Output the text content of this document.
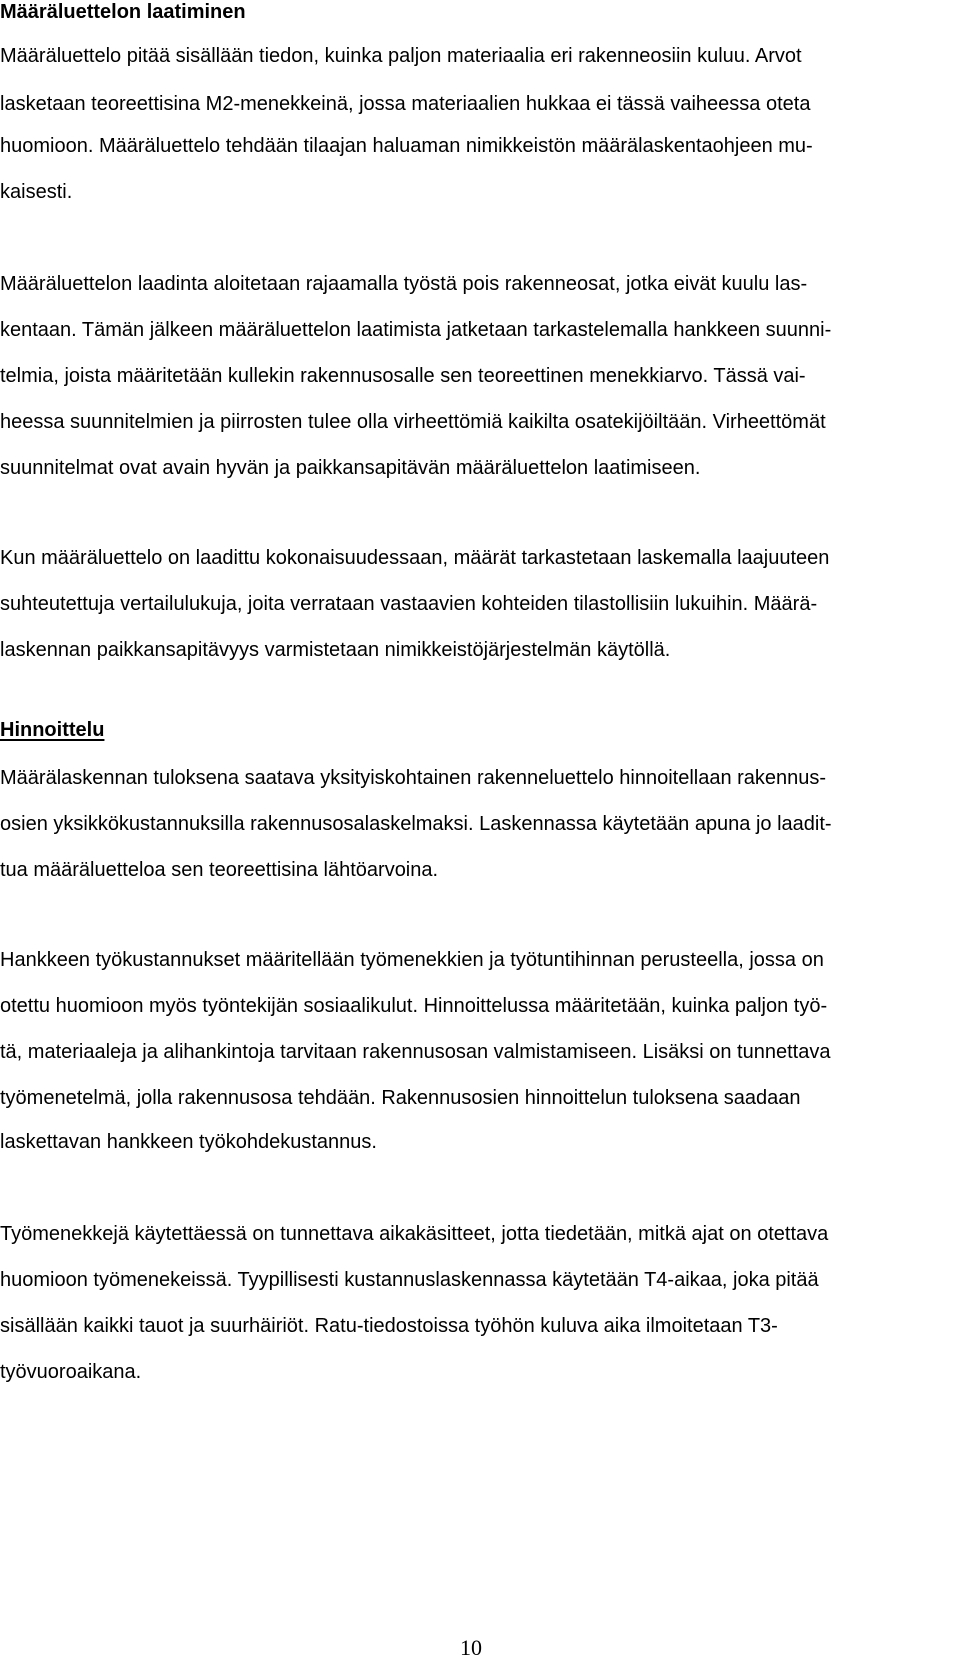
Määräluettelon laatiminen
Määräluettelo pitää sisällään tiedon, kuinka paljon materiaalia eri rakenneosiin kuluu. Arvot
lasketaan teoreettisina M2-menekkeinä, jossa materiaalien hukkaa ei tässä vaiheessa oteta
huomioon. Määräluettelo tehdään tilaajan haluaman nimikkeistön määrälaskentaohjeen mu-
kaisesti.
Määräluettelon laadinta aloitetaan rajaamalla työstä pois rakenneosat, jotka eivät kuulu las-
kentaan. Tämän jälkeen määräluettelon laatimista jatketaan tarkastelemalla hankkeen suunni-
telmia, joista määritetään kullekin rakennusosalle sen teoreettinen menekkiarvo. Tässä vai-
heessa suunnitelmien ja piirrosten tulee olla virheettömiä kaikilta osatekijöiltään. Virheettömät
suunnitelmat ovat avain hyvän ja paikkansapitävän määräluettelon laatimiseen.
Kun määräluettelo on laadittu kokonaisuudessaan, määrät tarkastetaan laskemalla laajuuteen
suhteutettuja vertailulukuja, joita verrataan vastaavien kohteiden tilastollisiin lukuihin. Määrä-
laskennan paikkansapitävyys varmistetaan nimikkeistöjärjestelmän käytöllä.
Hinnoittelu
Määrälaskennan tuloksena saatava yksityiskohtainen rakenneluettelo hinnoitellaan rakennus-
osien yksikkökustannuksilla rakennusosalaskelmaksi. Laskennassa käytetään apuna jo laadit-
tua määräluetteloa sen teoreettisina lähtöarvoina.
Hankkeen työkustannukset määritellään työmenekkien ja työtuntihinnan perusteella, jossa on
otettu huomioon myös työntekijän sosiaalikulut. Hinnoittelussa määritetään, kuinka paljon työ-
tä, materiaaleja ja alihankintoja tarvitaan rakennusosan valmistamiseen. Lisäksi on tunnettava
työmenetelmä, jolla rakennusosa tehdään. Rakennusosien hinnoittelun tuloksena saadaan
laskettavan hankkeen työkohdekustannus.
Työmenekkejä käytettäessä on tunnettava aikakäsitteet, jotta tiedetään, mitkä ajat on otettava
huomioon työmenekeissä. Tyypillisesti kustannuslaskennassa käytetään T4-aikaa, joka pitää
sisällään kaikki tauot ja suurhäiriöt. Ratu-tiedostoissa työhön kuluva aika ilmoitetaan T3-
työvuoroaikana.
10
